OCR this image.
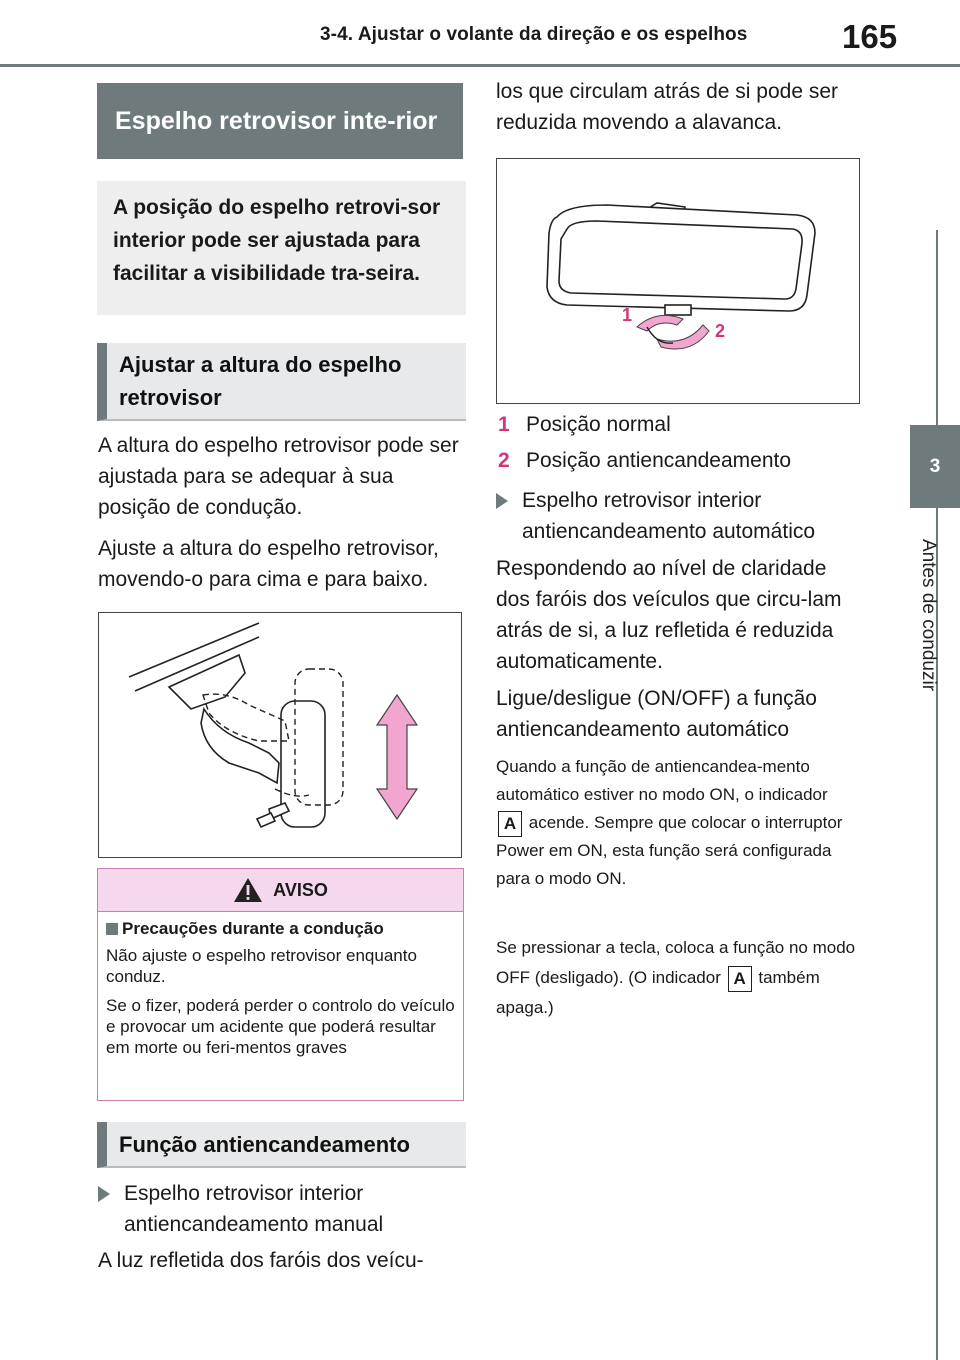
3-4. Ajustar o volante da direção e os espelhos	165
3
Antes de conduzir
Espelho retrovisor inte-rior
A posição do espelho retrovi-sor interior pode ser ajustada para facilitar a visibilidade tra-seira.
Ajustar a altura do espelho retrovisor
A altura do espelho retrovisor pode ser ajustada para se adequar à sua posição de condução.
Ajuste a altura do espelho retrovisor, movendo-o para cima e para baixo.
AVISO
Precauções durante a condução

Não ajuste o espelho retrovisor enquanto conduz.

Se o fizer, poderá perder o controlo do veículo e provocar um acidente que poderá resultar em morte ou feri-mentos graves

Função antiencandeamento
Espelho retrovisor interior antiencandeamento manual
A luz refletida dos faróis dos veícu-
los que circulam atrás de si pode ser reduzida movendo a alavanca.
1
2
1 Posição normal
2 Posição antiencandeamento
Espelho retrovisor interior antiencandeamento automático
Respondendo ao nível de claridade dos faróis dos veículos que circu-lam atrás de si, a luz refletida é reduzida automaticamente.
Ligue/desligue (ON/OFF) a função antiencandeamento automático
Quando a função de antiencandea-mento automático estiver no modo ON, o indicador A acende. Sempre que colocar o interruptor Power em ON, esta função será configurada para o modo ON.
Se pressionar a tecla, coloca a função no modo OFF (desligado). (O indicador A também apaga.)
